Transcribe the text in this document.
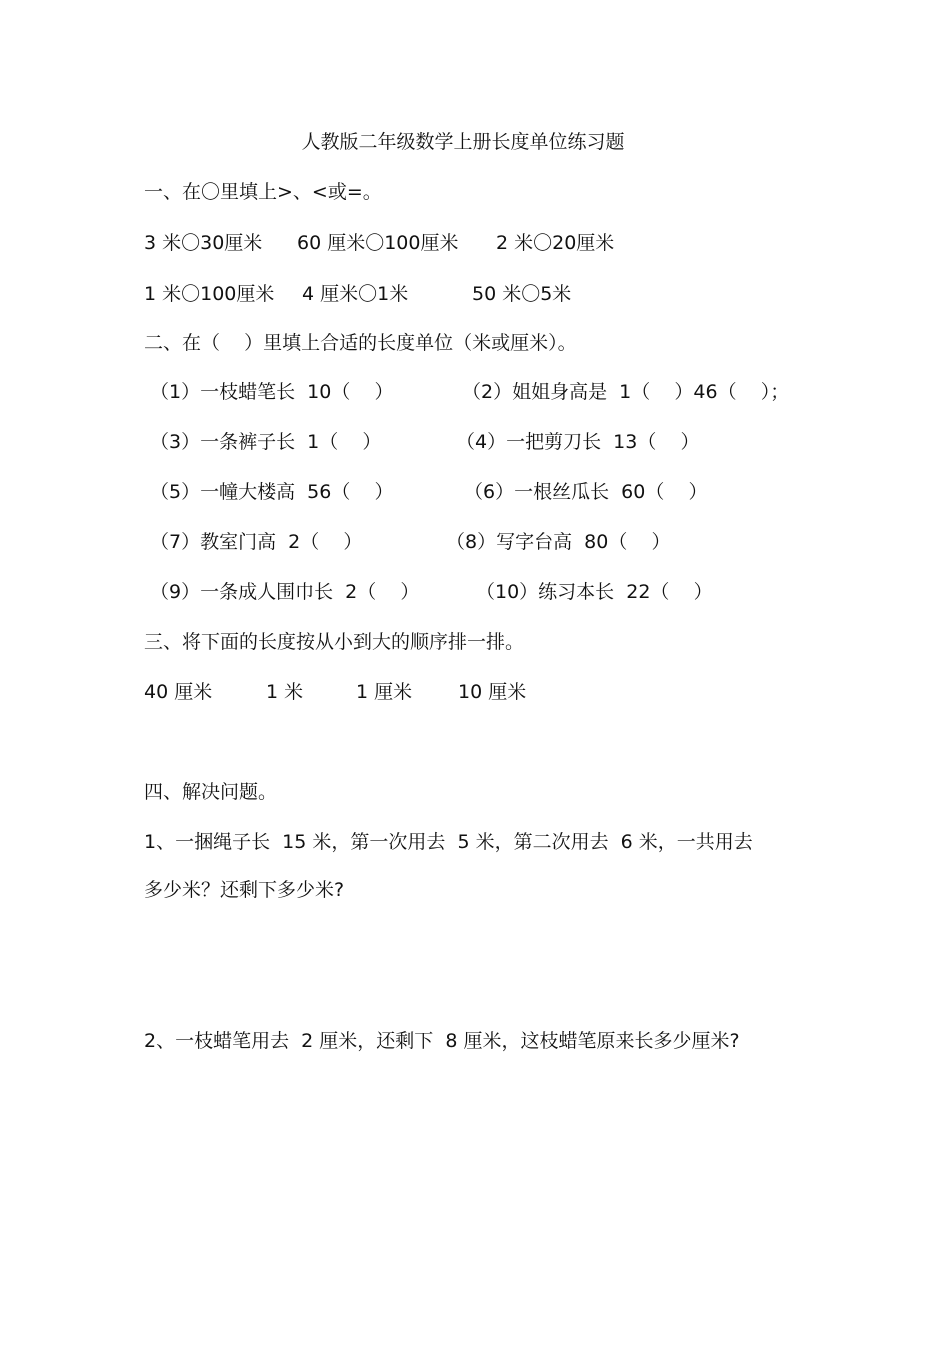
人教版二年级数学上册长度单位练习题
一、在〇里填上>、<或=。
3 米〇30厘米 60 厘米〇100厘米 2 米〇20厘米
1 米〇100厘米 4 厘米〇1米	50 米〇5米
二、在（    ）里填上合适的长度单位（米或厘米）。
（1）一枝蜡笔长  10（    ）	（2）姐姐身高是  1（    ）46（    ）；
（3）一条裤子长  1（    ）	（4）一把剪刀长  13（    ）
（5）一幢大楼高  56（    ）	（6）一根丝瓜长  60（    ）
（7）教室门高  2（    ）	（8）写字台高  80（    ）
（9）一条成人围巾长  2（    ）	（10）练习本长  22（    ）
三、将下面的长度按从小到大的顺序排一排。
40 厘米	1 米	1 厘米 10 厘米
四、解决问题。
1、一捆绳子长  15 米，第一次用去  5 米，第二次用去  6 米，一共用去
多少米？还剩下多少米?
2、一枝蜡笔用去  2 厘米，还剩下  8 厘米，这枝蜡笔原来长多少厘米?
